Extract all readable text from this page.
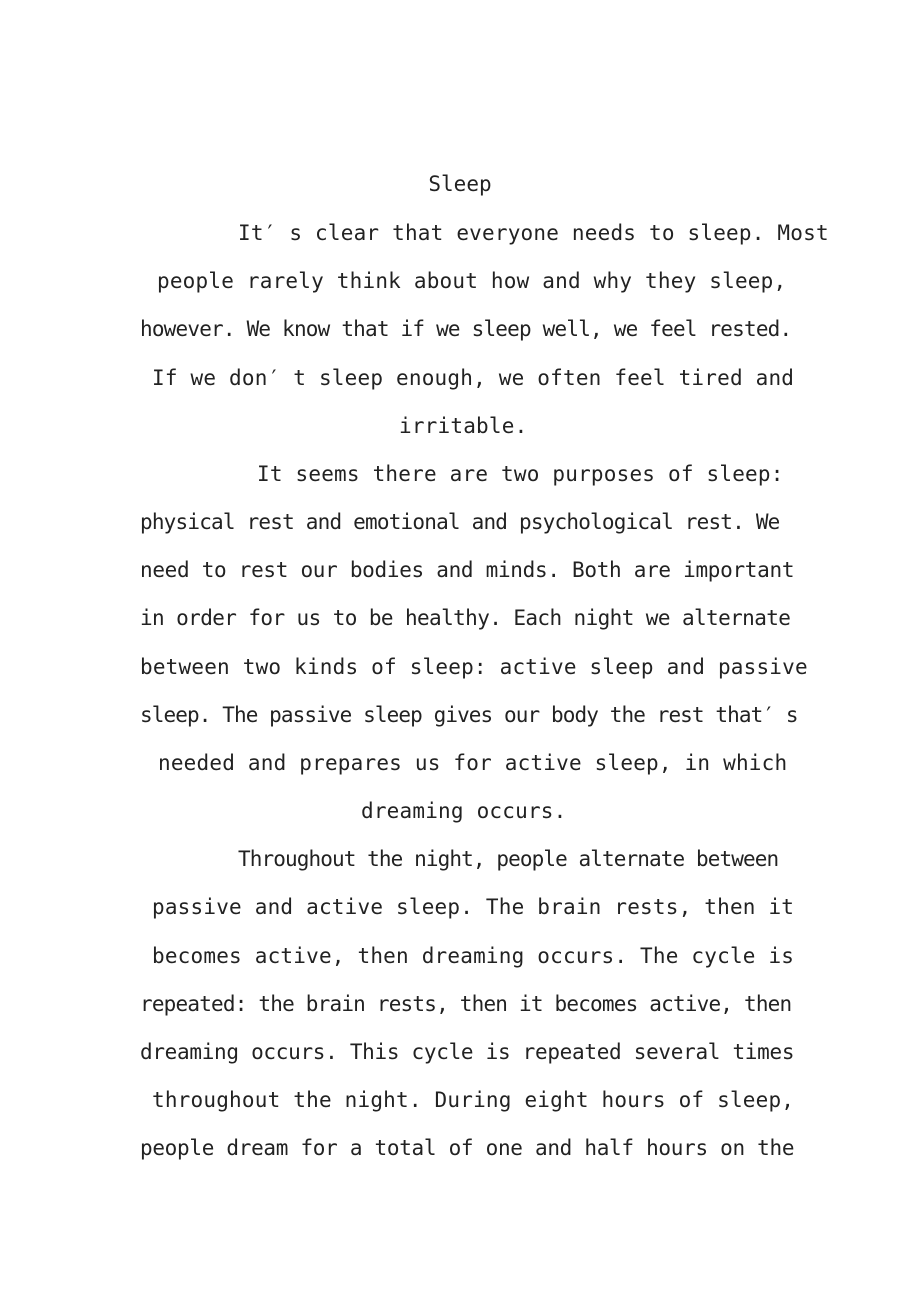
Sleep
It′ s clear that everyone needs to sleep. Most
people rarely think about how and why they sleep,
however. We know that if we sleep well, we feel rested.
If we don′ t sleep enough, we often feel tired and
irritable.
It seems there are two purposes of sleep:
physical rest and emotional and psychological rest. We
need to rest our bodies and minds. Both are important
in order for us to be healthy. Each night we alternate
between two kinds of sleep: active sleep and passive
sleep. The passive sleep gives our body the rest that′ s
needed and prepares us for active sleep, in which
dreaming occurs.
Throughout the night, people alternate between
passive and active sleep. The brain rests, then it
becomes active, then dreaming occurs. The cycle is
repeated: the brain rests, then it becomes active, then
dreaming occurs. This cycle is repeated several times
throughout the night. During eight hours of sleep,
people dream for a total of one and half hours on the
